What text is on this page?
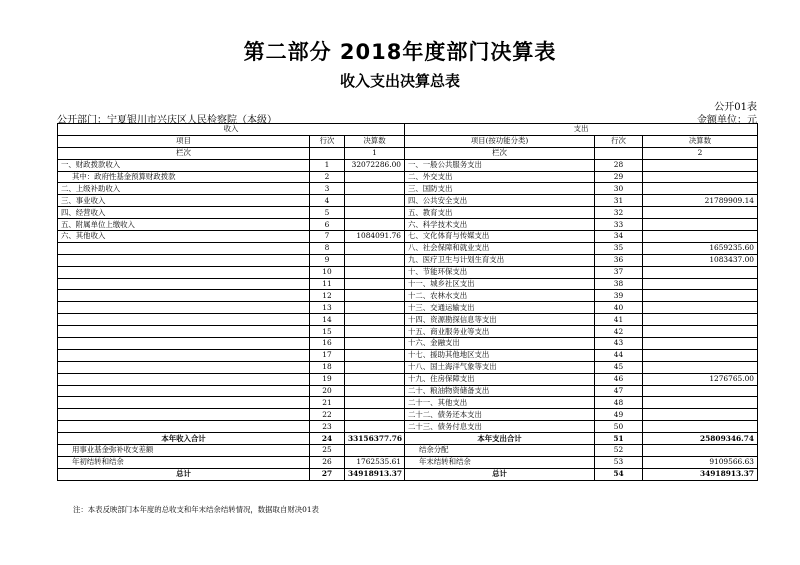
第二部分 2018年度部门决算表
收入支出决算总表
公开01表
公开部门：宁夏银川市兴庆区人民检察院（本级）	金额单位：元
收入			支出		
项目	行次	决算数	项目(按功能分类)	行次	决算数
栏次		1	栏次		2
一、财政拨款收入	1	32072286.00	一、一般公共服务支出	28	
其中：政府性基金预算财政拨款	2		二、外交支出	29	
二、上级补助收入	3		三、国防支出	30	
三、事业收入	4		四、公共安全支出	31	21789909.14
四、经营收入	5		五、教育支出	32	
五、附属单位上缴收入	6		六、科学技术支出	33	
六、其他收入	7	1084091.76	七、文化体育与传媒支出	34	
	8		八、社会保障和就业支出	35	1659235.60
	9		九、医疗卫生与计划生育支出	36	1083437.00
	10		十、节能环保支出	37	
	11		十一、城乡社区支出	38	
	12		十二、农林水支出	39	
	13		十三、交通运输支出	40	
	14		十四、资源勘探信息等支出	41	
	15		十五、商业服务业等支出	42	
	16		十六、金融支出	43	
	17		十七、援助其他地区支出	44	
	18		十八、国土海洋气象等支出	45	
	19		十九、住房保障支出	46	1276765.00
	20		二十、粮油物资储备支出	47	
	21		二十一、其他支出	48	
	22		二十二、债务还本支出	49	
	23		二十三、债务付息支出	50	
本年收入合计	24	33156377.76	本年支出合计	51	25809346.74
用事业基金弥补收支差额	25		结余分配	52	
年初结转和结余	26	1762535.61	年末结转和结余	53	9109566.63
总计	27	34918913.37	总计	54	34918913.37
注：本表反映部门本年度的总收支和年末结余结转情况，数据取自财决01表
